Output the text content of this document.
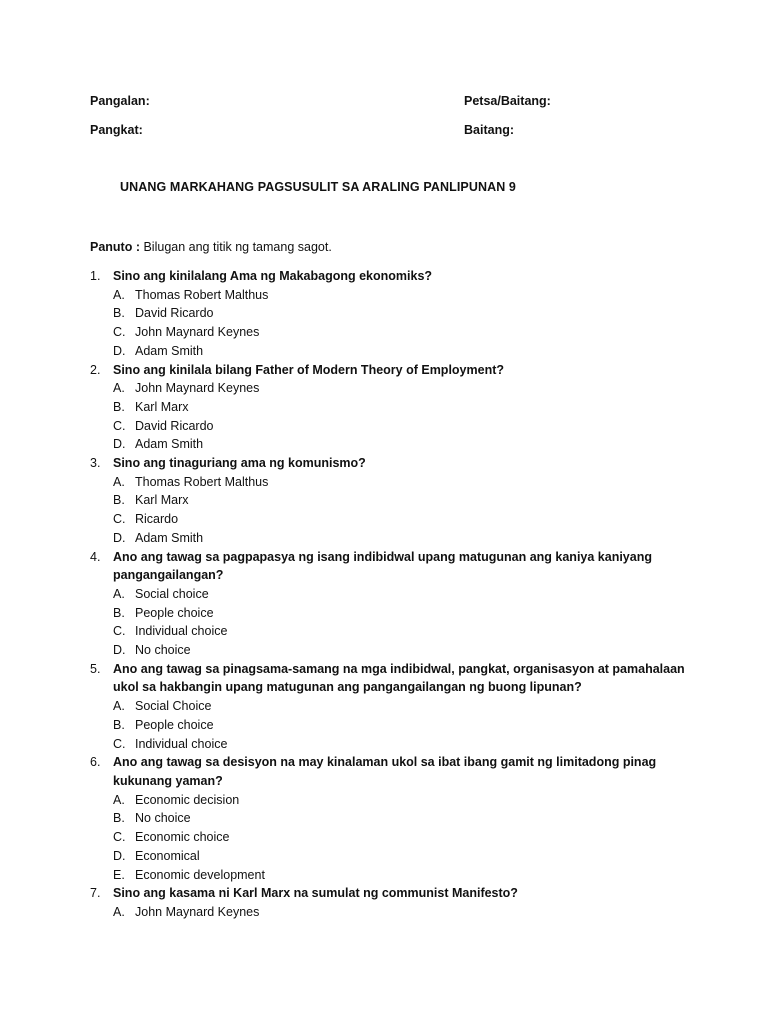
Pangalan:	Petsa/Baitang:
Pangkat:	Baitang:
UNANG MARKAHANG PAGSUSULIT SA ARALING PANLIPUNAN 9
Panuto : Bilugan ang titik ng tamang sagot.
1. Sino ang kinilalang Ama ng Makabagong ekonomiks?
A. Thomas Robert Malthus
B. David Ricardo
C. John Maynard Keynes
D. Adam Smith
2. Sino ang kinilala bilang Father of Modern Theory of Employment?
A. John Maynard Keynes
B. Karl Marx
C. David Ricardo
D. Adam Smith
3. Sino ang tinaguriang ama ng komunismo?
A. Thomas Robert Malthus
B. Karl Marx
C. Ricardo
D. Adam Smith
4. Ano ang tawag sa pagpapasya ng isang indibidwal upang matugunan ang kaniya kaniyang pangangailangan?
A. Social choice
B. People choice
C. Individual choice
D. No choice
5. Ano ang tawag sa pinagsama-samang na mga indibidwal, pangkat, organisasyon at pamahalaan ukol sa hakbangin upang matugunan ang pangangailangan ng buong lipunan?
A. Social Choice
B. People choice
C. Individual choice
6. Ano ang tawag sa desisyon na may kinalaman ukol sa ibat ibang gamit ng limitadong pinag kukunang yaman?
A. Economic decision
B. No choice
C. Economic choice
D. Economical
E. Economic development
7. Sino ang kasama ni Karl Marx na sumulat ng communist Manifesto?
A. John Maynard Keynes
